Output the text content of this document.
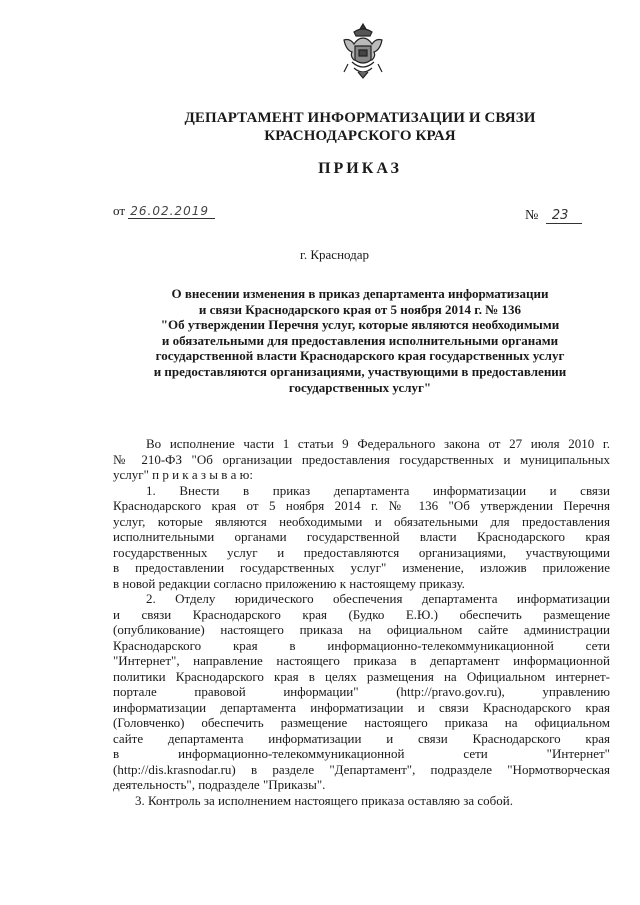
ДЕПАРТАМЕНТ ИНФОРМАТИЗАЦИИ И СВЯЗИ
КРАСНОДАРСКОГО КРАЯ
ПРИКАЗ
от 26.02.2019	№ 23
г. Краснодар
О внесении изменения в приказ департамента информатизации
и связи Краснодарского края от 5 ноября 2014 г. № 136
"Об утверждении Перечня услуг, которые являются необходимыми
и обязательными для предоставления исполнительными органами
государственной власти Краснодарского края государственных услуг
и предоставляются организациями, участвующими в предоставлении
государственных услуг"
Во исполнение части 1 статьи 9 Федерального закона от 27 июля 2010 г.
№ 210-ФЗ "Об организации предоставления государственных и муниципальных
услуг" п р и к а з ы в а ю:
1. Внести в приказ департамента информатизации и связи
Краснодарского края от 5 ноября 2014 г. № 136 "Об утверждении Перечня
услуг, которые являются необходимыми и обязательными для предоставления
исполнительными органами государственной власти Краснодарского края
государственных услуг и предоставляются организациями, участвующими
в предоставлении государственных услуг" изменение, изложив приложение
в новой редакции согласно приложению к настоящему приказу.
2. Отделу юридического обеспечения департамента информатизации
и связи Краснодарского края (Будко Е.Ю.) обеспечить размещение
(опубликование) настоящего приказа на официальном сайте администрации
Краснодарского края в информационно-телекоммуникационной сети
"Интернет", направление настоящего приказа в департамент информационной
политики Краснодарского края в целях размещения на Официальном интернет-
портале правовой информации" (http://pravo.gov.ru), управлению
информатизации департамента информатизации и связи Краснодарского края
(Головченко) обеспечить размещение настоящего приказа на официальном
сайте департамента информатизации и связи Краснодарского края
в информационно-телекоммуникационной сети "Интернет"
(http://dis.krasnodar.ru) в разделе "Департамент", подразделе "Нормотворческая
деятельность", подразделе "Приказы".
3. Контроль за исполнением настоящего приказа оставляю за собой.
